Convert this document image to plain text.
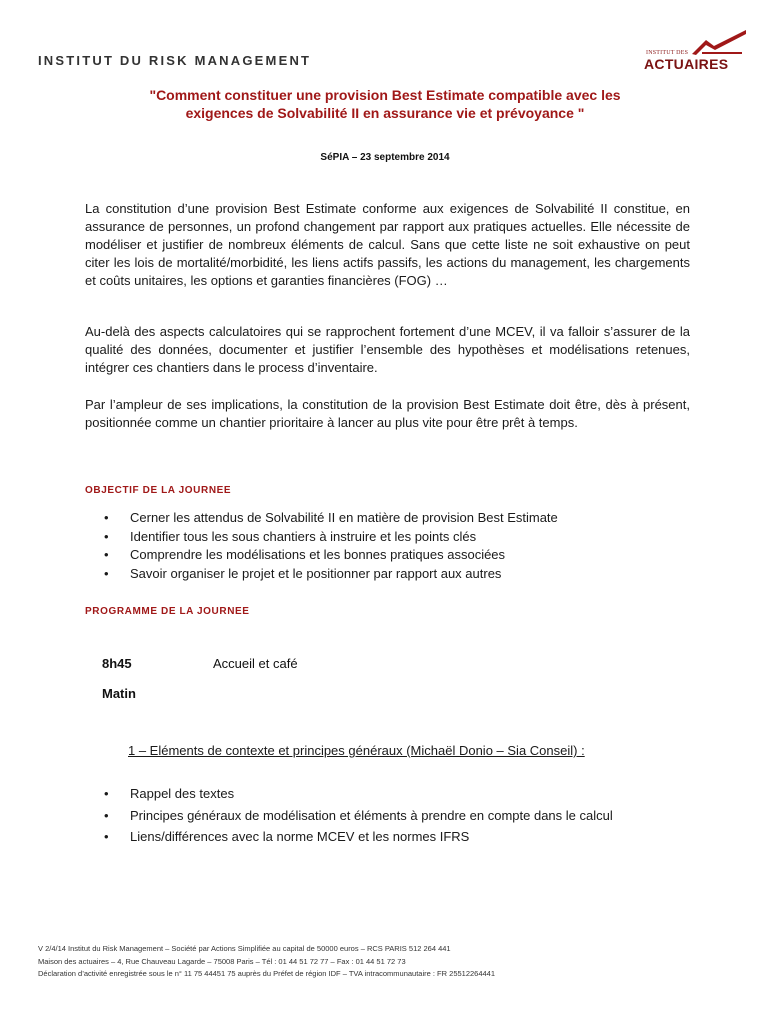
INSTITUT DU RISK MANAGEMENT	INSTITUT DES
ACTUAIRES
"Comment constituer une provision Best Estimate compatible avec les
exigences de Solvabilité II en assurance vie et prévoyance "
SéPIA – 23 septembre 2014
La constitution d’une provision Best Estimate conforme aux exigences de Solvabilité II constitue, en assurance de personnes, un profond changement par rapport aux pratiques actuelles. Elle nécessite de modéliser et justifier de nombreux éléments de calcul. Sans que cette liste ne soit exhaustive on peut citer les lois de mortalité/morbidité, les liens actifs passifs, les actions du management, les chargements et coûts unitaires, les options et garanties financières (FOG) …
Au-delà des aspects calculatoires qui se rapprochent fortement d’une MCEV, il va falloir s’assurer de la qualité des données, documenter et justifier l’ensemble des hypothèses et modélisations retenues, intégrer ces chantiers dans le process d’inventaire.
Par l’ampleur de ses implications, la constitution de la provision Best Estimate doit être, dès à présent, positionnée comme un chantier prioritaire à lancer au plus vite pour être prêt à temps.
OBJECTIF DE LA JOURNEE
• Cerner les attendus de Solvabilité II en matière de provision Best Estimate
• Identifier tous les sous chantiers à instruire et les points clés
• Comprendre les modélisations et les bonnes pratiques associées
• Savoir organiser le projet et le positionner par rapport aux autres
PROGRAMME DE LA JOURNEE
8h45	Accueil et café
Matin
1 – Eléments de contexte et principes généraux (Michaël Donio – Sia Conseil) :
• Rappel des textes
• Principes généraux de modélisation et éléments à prendre en compte dans le calcul
• Liens/différences avec la norme MCEV et les normes IFRS
V 2/4/14 Institut du Risk Management – Société par Actions Simplifiée au capital de 50000 euros – RCS PARIS 512 264 441
Maison des actuaires – 4, Rue Chauveau Lagarde – 75008 Paris – Tél : 01 44 51 72 77 – Fax : 01 44 51 72 73
Déclaration d’activité enregistrée sous le n° 11 75 44451 75 auprès du Préfet de région IDF – TVA intracommunautaire : FR 25512264441
